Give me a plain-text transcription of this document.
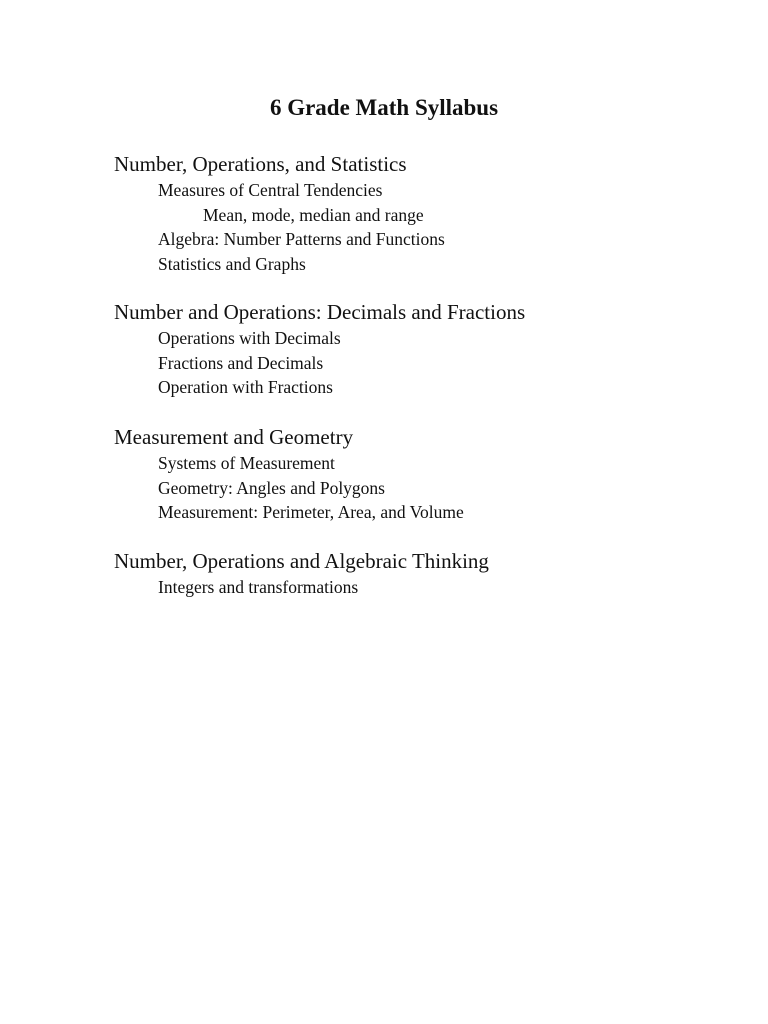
6 Grade Math Syllabus
Number, Operations, and Statistics
Measures of Central Tendencies
Mean, mode, median and range
Algebra: Number Patterns and Functions
Statistics and Graphs
Number and Operations: Decimals and Fractions
Operations with Decimals
Fractions and Decimals
Operation with Fractions
Measurement and Geometry
Systems of Measurement
Geometry: Angles and Polygons
Measurement: Perimeter, Area, and Volume
Number, Operations and Algebraic Thinking
Integers and transformations
